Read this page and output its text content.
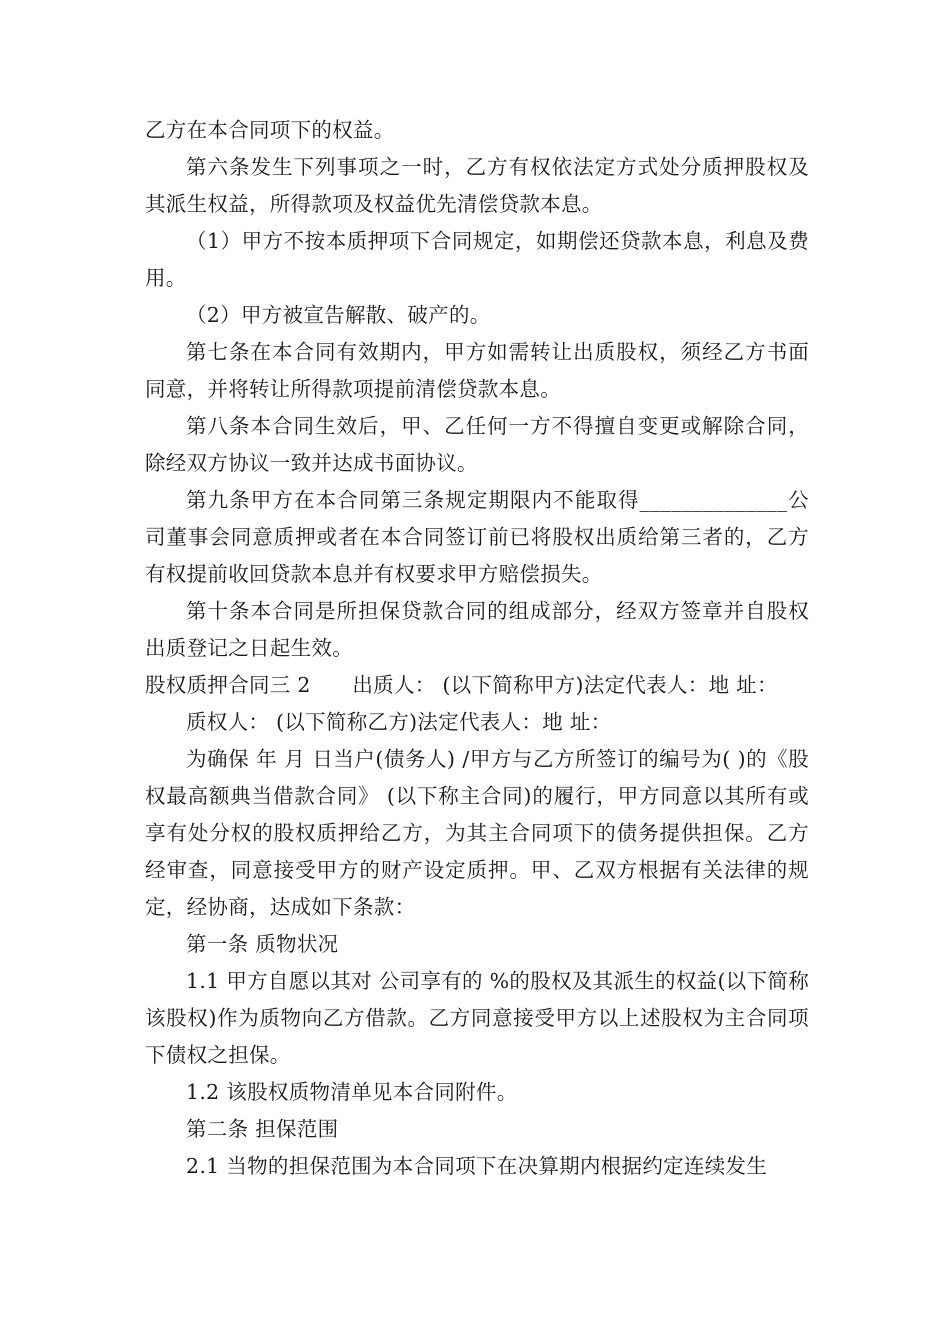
乙方在本合同项下的权益。

第六条发生下列事项之一时，乙方有权依法定方式处分质押股权及其派生权益，所得款项及权益优先清偿贷款本息。

（1）甲方不按本质押项下合同规定，如期偿还贷款本息，利息及费用。

（2）甲方被宣告解散、破产的。

第七条在本合同有效期内，甲方如需转让出质股权，须经乙方书面同意，并将转让所得款项提前清偿贷款本息。

第八条本合同生效后，甲、乙任何一方不得擅自变更或解除合同，除经双方协议一致并达成书面协议。

第九条甲方在本合同第三条规定期限内不能取得______________公司董事会同意质押或者在本合同签订前已将股权出质给第三者的，乙方有权提前收回贷款本息并有权要求甲方赔偿损失。

第十条本合同是所担保贷款合同的组成部分，经双方签章并自股权出质登记之日起生效。

股权质押合同三 2　　出质人： (以下简称甲方)法定代表人：地 址：

质权人： (以下简称乙方)法定代表人：地 址：

为确保 年 月 日当户(债务人) /甲方与乙方所签订的编号为( )的《股权最高额典当借款合同》 (以下称主合同)的履行，甲方同意以其所有或享有处分权的股权质押给乙方，为其主合同项下的债务提供担保。乙方经审查，同意接受甲方的财产设定质押。甲、乙双方根据有关法律的规定，经协商，达成如下条款：

第一条 质物状况

1.1 甲方自愿以其对 公司享有的 %的股权及其派生的权益(以下简称该股权)作为质物向乙方借款。乙方同意接受甲方以上述股权为主合同项下债权之担保。

1.2 该股权质物清单见本合同附件。

第二条 担保范围

2.1 当物的担保范围为本合同项下在决算期内根据约定连续发生
